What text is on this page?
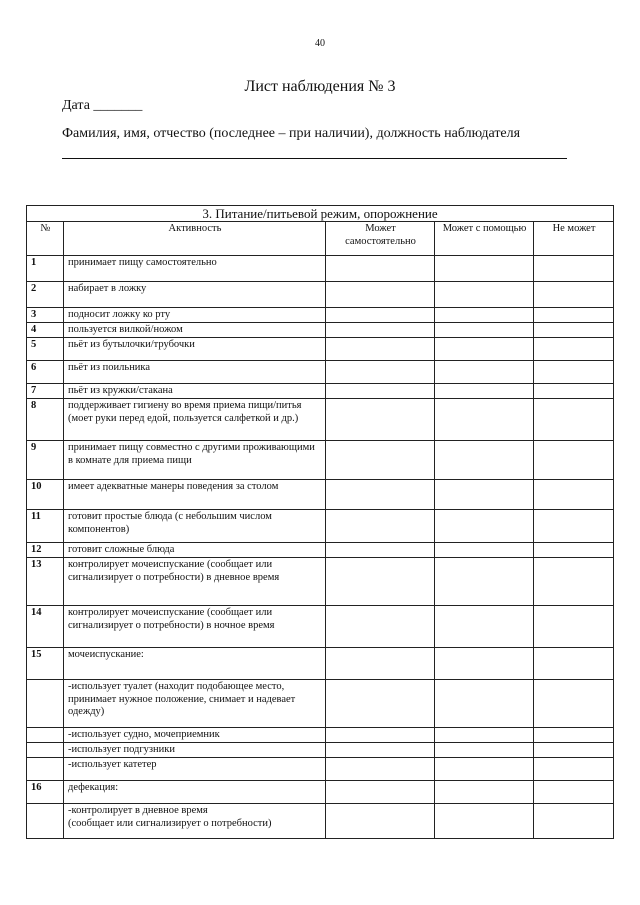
40
Лист наблюдения № 3
Дата _______
Фамилия, имя, отчество (последнее – при наличии), должность наблюдателя
3. Питание/питьевой режим, опорожнение				
№	Активность	Может самостоятельно	Может с помощью	Не может
1	принимает пищу самостоятельно			
2	набирает в ложку			
3	подносит ложку ко рту			
4	пользуется вилкой/ножом			
5	пьёт из бутылочки/трубочки			
6	пьёт из поильника			
7	пьёт из кружки/стакана			
8	поддерживает гигиену во время приема пищи/питья (моет руки перед едой, пользуется салфеткой и др.)			
9	принимает пищу совместно с другими проживающими в комнате для приема пищи			
10	имеет адекватные манеры поведения за столом			
11	готовит простые блюда (с небольшим числом компонентов)			
12	готовит сложные блюда			
13	контролирует мочеиспускание (сообщает или сигнализирует о потребности) в дневное время			
14	контролирует мочеиспускание (сообщает или сигнализирует о потребности) в ночное время			
15	мочеиспускание:			
	-использует туалет (находит подобающее место, принимает нужное положение, снимает и надевает одежду)			
	-использует судно, мочеприемник			
	-использует подгузники			
	-использует катетер			
16	дефекация:			
	-контролирует в дневное время
(сообщает или сигнализирует о потребности)			
